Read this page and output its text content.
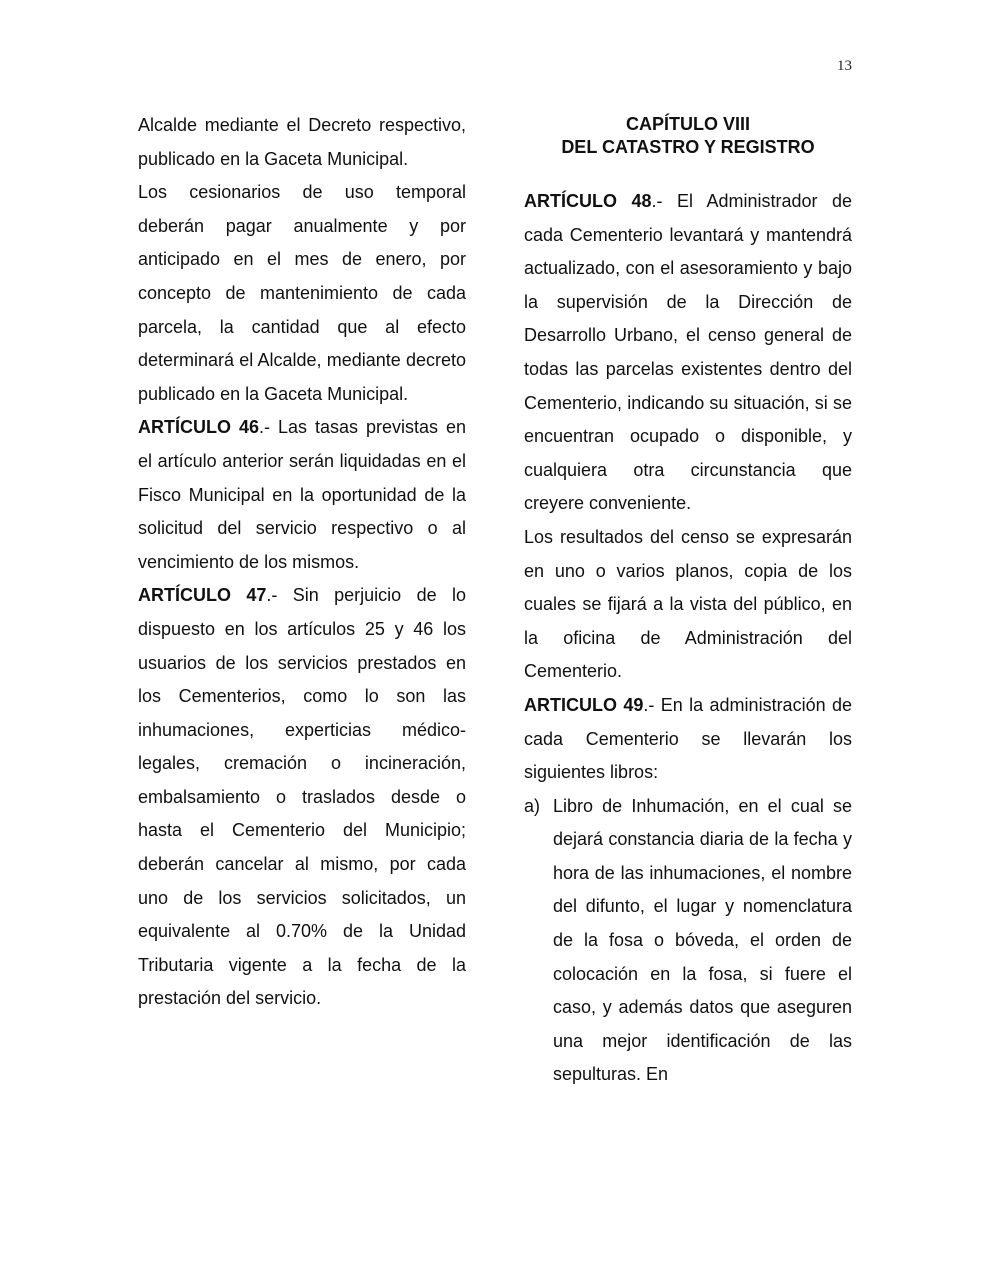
13

Alcalde mediante el Decreto respectivo, publicado en la Gaceta Municipal.

Los cesionarios de uso temporal deberán pagar anualmente y por anticipado en el mes de enero, por concepto de mantenimiento de cada parcela, la cantidad que al efecto determinará el Alcalde, mediante decreto publicado en la Gaceta Municipal.

ARTÍCULO 46.- Las tasas previstas en el artículo anterior serán liquidadas en el Fisco Municipal en la oportunidad de la solicitud del servicio respectivo o al vencimiento de los mismos.

ARTÍCULO 47.- Sin perjuicio de lo dispuesto en los artículos 25 y 46 los usuarios de los servicios prestados en los Cementerios, como lo son las inhumaciones, experticias médico-legales, cremación o incineración, embalsamiento o traslados desde o hasta el Cementerio del Municipio; deberán cancelar al mismo, por cada uno de los servicios solicitados, un equivalente al 0.70% de la Unidad Tributaria vigente a la fecha de la prestación del servicio.

CAPÍTULO VIII
DEL CATASTRO Y REGISTRO

ARTÍCULO 48.- El Administrador de cada Cementerio levantará y mantendrá actualizado, con el asesoramiento y bajo la supervisión de la Dirección de Desarrollo Urbano, el censo general de todas las parcelas existentes dentro del Cementerio, indicando su situación, si se encuentran ocupado o disponible, y cualquiera otra circunstancia que creyere conveniente.

Los resultados del censo se expresarán en uno o varios planos, copia de los cuales se fijará a la vista del público, en la oficina de Administración del Cementerio.

ARTICULO 49.- En la administración de cada Cementerio se llevarán los siguientes libros:

a) Libro de Inhumación, en el cual se dejará constancia diaria de la fecha y hora de las inhumaciones, el nombre del difunto, el lugar y nomenclatura de la fosa o bóveda, el orden de colocación en la fosa, si fuere el caso, y además datos que aseguren una mejor identificación de las sepulturas. En
